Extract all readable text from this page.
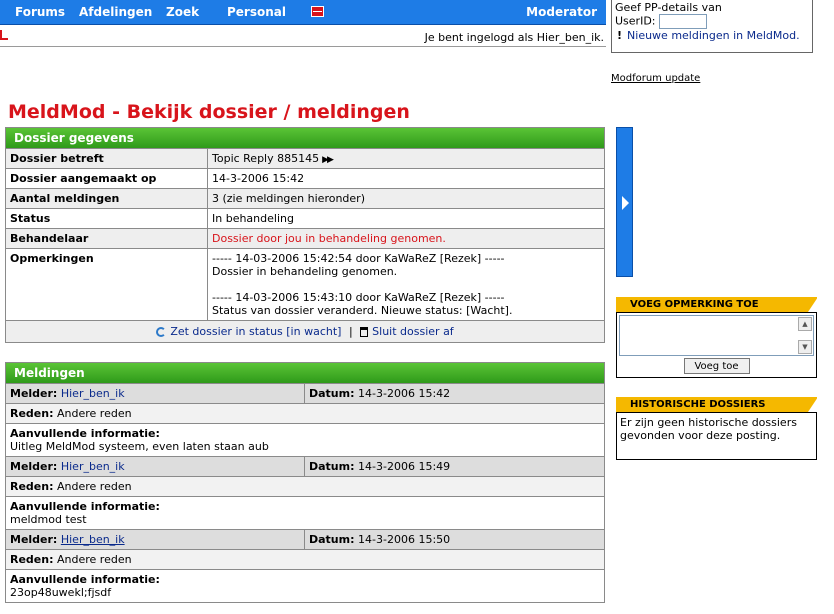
Forums Afdelingen Zoek Personal	Moderator
Je bent ingelogd als Hier_ben_ik.
Geef PP-details van
UserID:
! Nieuwe meldingen in MeldMod.
Modforum update
MeldMod - Bekijk dossier / meldingen
Dossier gegevens
Dossier betreft	Topic Reply 885145 ▶▶
Dossier aangemaakt op	14-3-2006 15:42
Aantal meldingen	3 (zie meldingen hieronder)
Status	In behandeling
Behandelaar	Dossier door jou in behandeling genomen.
Opmerkingen	----- 14-03-2006 15:42:54 door KaWaReZ [Rezek] -----
Dossier in behandeling genomen.
----- 14-03-2006 15:43:10 door KaWaReZ [Rezek] -----
Status van dossier veranderd. Nieuwe status: [Wacht].
Zet dossier in status [in wacht] | Sluit dossier af
Meldingen
Melder: Hier_ben_ik	Datum: 14-3-2006 15:42
Reden: Andere reden
Aanvullende informatie:
Uitleg MeldMod systeem, even laten staan aub
Melder: Hier_ben_ik	Datum: 14-3-2006 15:49
Reden: Andere reden
Aanvullende informatie:
meldmod test
Melder: Hier_ben_ik	Datum: 14-3-2006 15:50
Reden: Andere reden
Aanvullende informatie:
23op48uwekl;fjsdf
VOEG OPMERKING TOE
▲
▼
Voeg toe
HISTORISCHE DOSSIERS
Er zijn geen historische dossiers gevonden voor deze posting.
